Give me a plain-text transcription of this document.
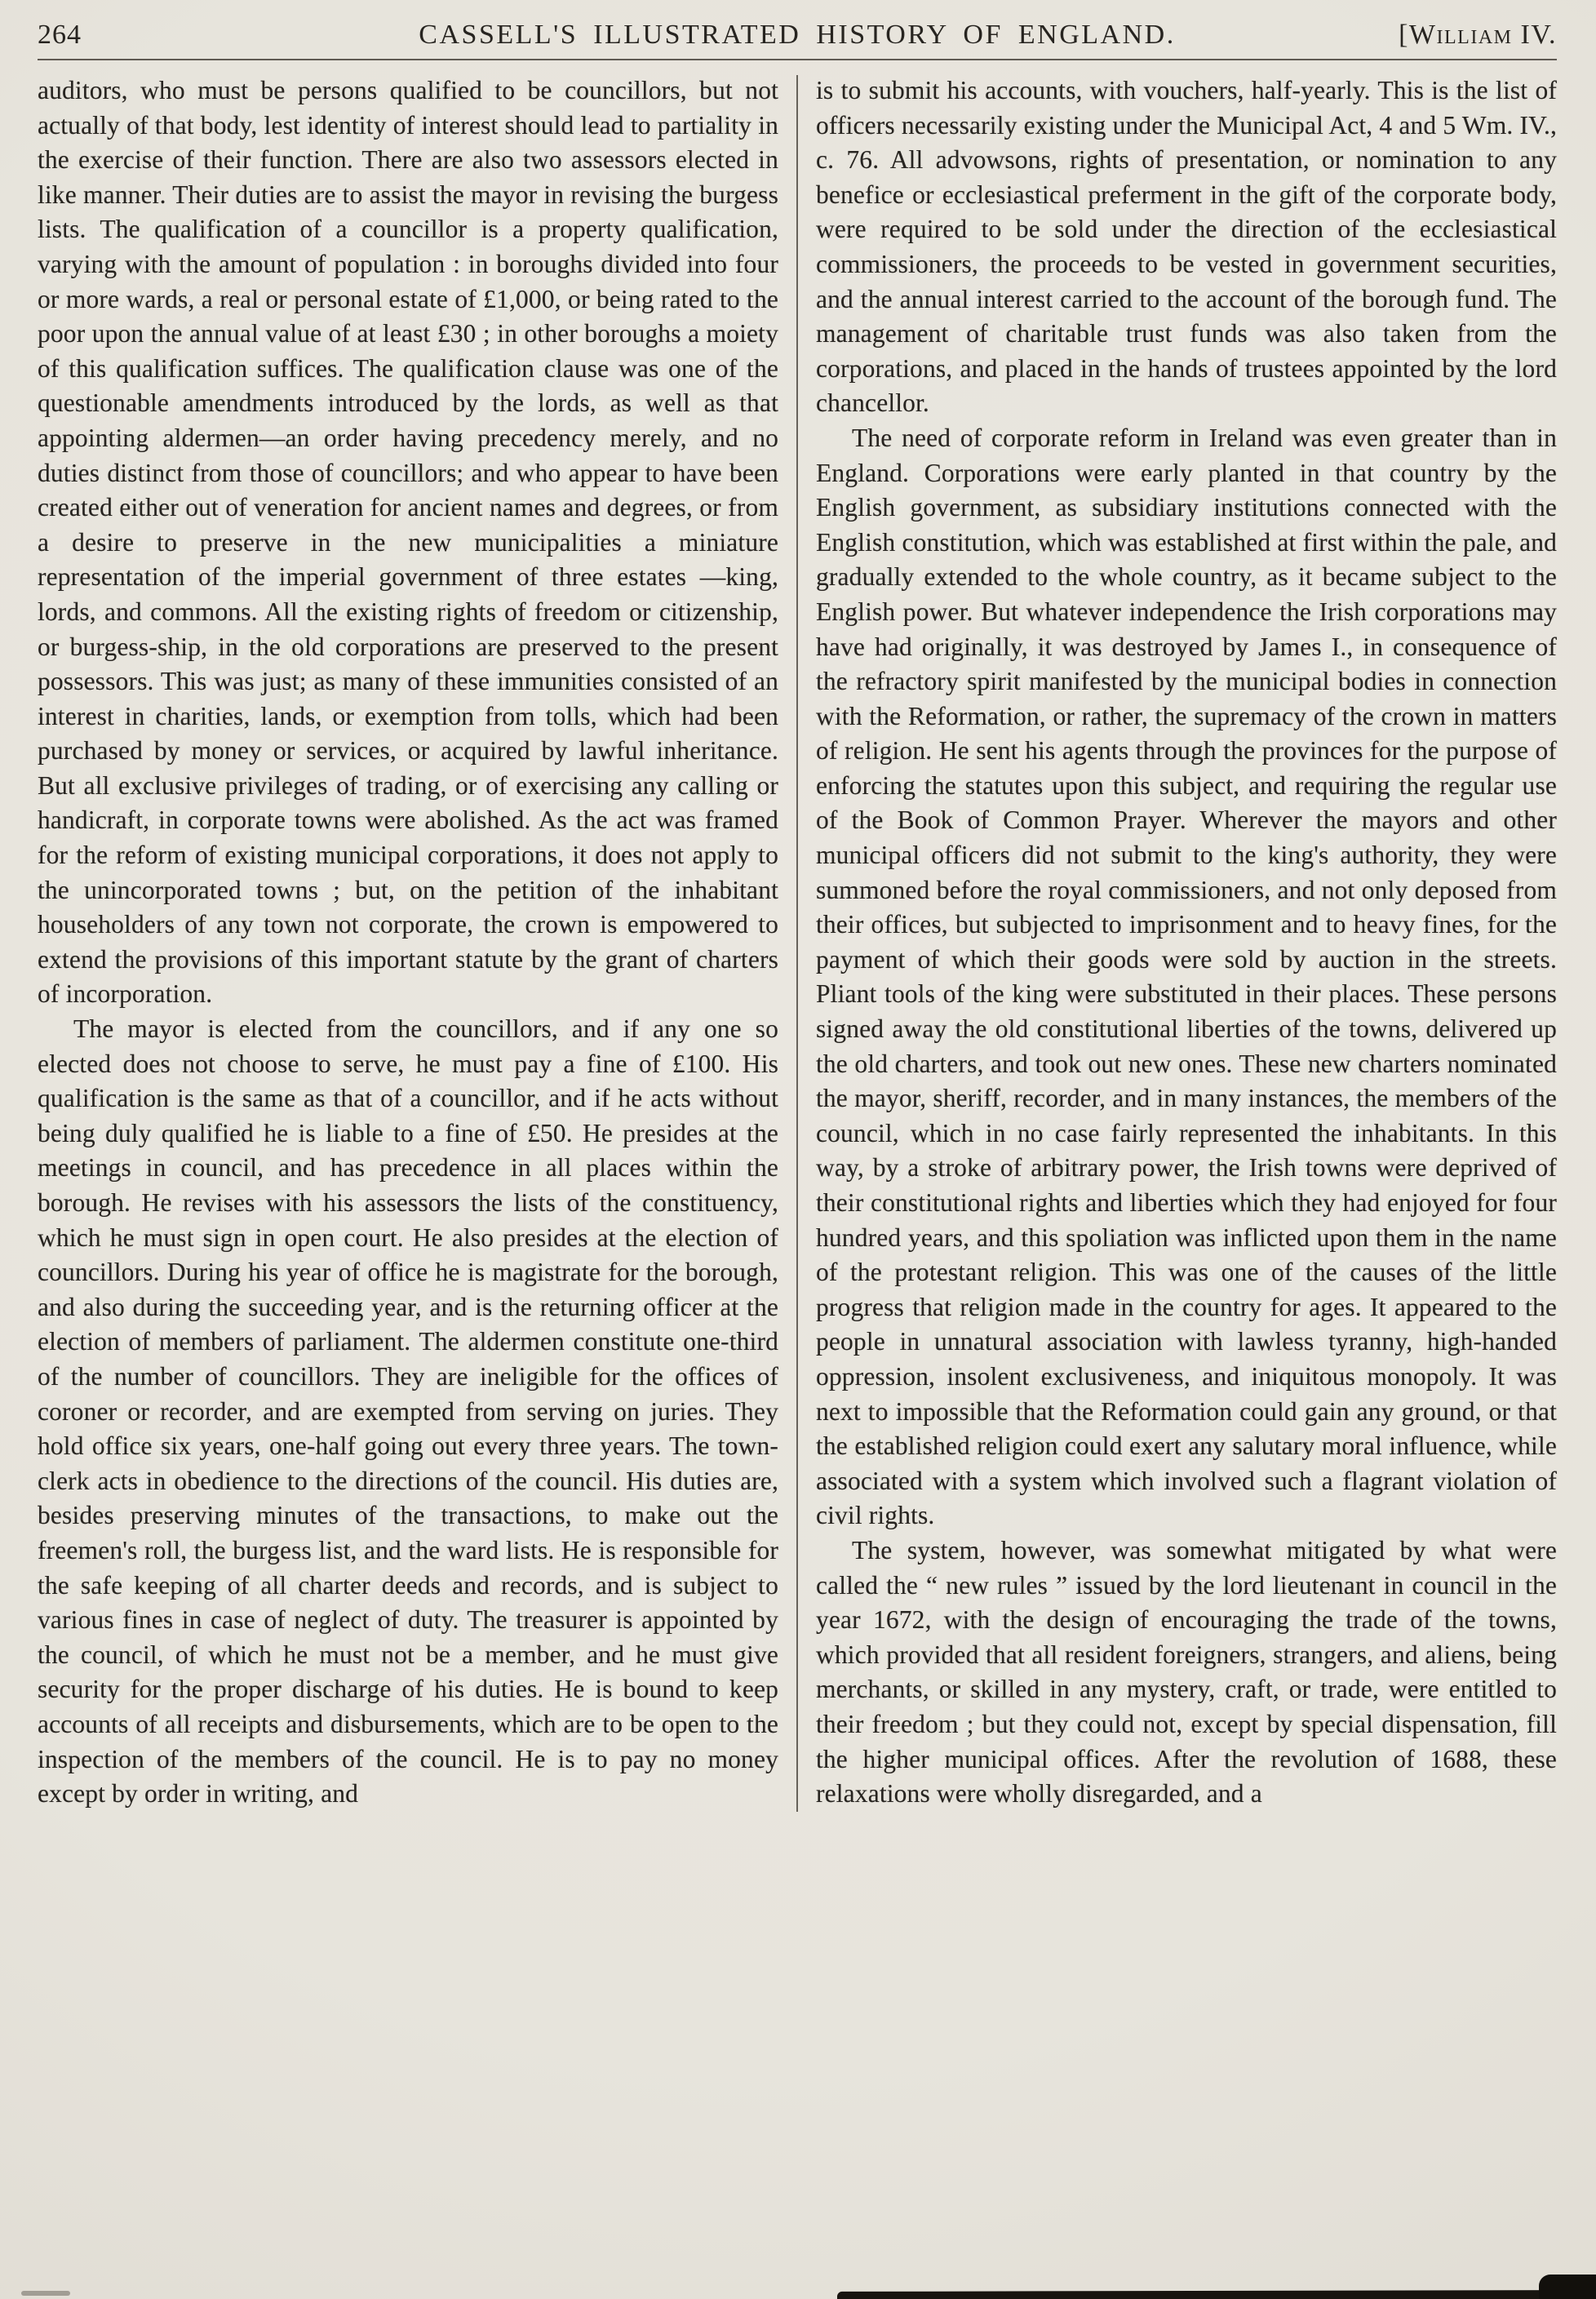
264	CASSELL'S ILLUSTRATED HISTORY OF ENGLAND.	[William IV.

auditors, who must be persons qualified to be councillors, but not actually of that body, lest identity of interest should lead to partiality in the exercise of their function. There are also two assessors elected in like manner. Their duties are to assist the mayor in revising the burgess lists. The qualification of a councillor is a property qualification, varying with the amount of population : in boroughs divided into four or more wards, a real or personal estate of £1,000, or being rated to the poor upon the annual value of at least £30 ; in other boroughs a moiety of this qualification suffices. The qualification clause was one of the questionable amendments introduced by the lords, as well as that appointing aldermen—an order having precedency merely, and no duties distinct from those of councillors; and who appear to have been created either out of veneration for ancient names and degrees, or from a desire to preserve in the new municipalities a miniature representation of the imperial government of three estates —king, lords, and commons. All the existing rights of freedom or citizenship, or burgess-ship, in the old corporations are preserved to the present possessors. This was just; as many of these immunities consisted of an interest in charities, lands, or exemption from tolls, which had been purchased by money or services, or acquired by lawful inheritance. But all exclusive privileges of trading, or of exercising any calling or handicraft, in corporate towns were abolished. As the act was framed for the reform of existing municipal corporations, it does not apply to the unincorporated towns ; but, on the petition of the inhabitant householders of any town not corporate, the crown is empowered to extend the provisions of this important statute by the grant of charters of incorporation.

The mayor is elected from the councillors, and if any one so elected does not choose to serve, he must pay a fine of £100. His qualification is the same as that of a councillor, and if he acts without being duly qualified he is liable to a fine of £50. He presides at the meetings in council, and has precedence in all places within the borough. He revises with his assessors the lists of the constituency, which he must sign in open court. He also presides at the election of councillors. During his year of office he is magistrate for the borough, and also during the succeeding year, and is the returning officer at the election of members of parliament. The aldermen constitute one-third of the number of councillors. They are ineligible for the offices of coroner or recorder, and are exempted from serving on juries. They hold office six years, one-half going out every three years. The town-clerk acts in obedience to the directions of the council. His duties are, besides preserving minutes of the transactions, to make out the freemen's roll, the burgess list, and the ward lists. He is responsible for the safe keeping of all charter deeds and records, and is subject to various fines in case of neglect of duty. The treasurer is appointed by the council, of which he must not be a member, and he must give security for the proper discharge of his duties. He is bound to keep accounts of all receipts and disbursements, which are to be open to the inspection of the members of the council. He is to pay no money except by order in writing, and

is to submit his accounts, with vouchers, half-yearly. This is the list of officers necessarily existing under the Municipal Act, 4 and 5 Wm. IV., c. 76. All advowsons, rights of presentation, or nomination to any benefice or ecclesiastical preferment in the gift of the corporate body, were required to be sold under the direction of the ecclesiastical commissioners, the proceeds to be vested in government securities, and the annual interest carried to the account of the borough fund. The management of charitable trust funds was also taken from the corporations, and placed in the hands of trustees appointed by the lord chancellor.

The need of corporate reform in Ireland was even greater than in England. Corporations were early planted in that country by the English government, as subsidiary institutions connected with the English constitution, which was established at first within the pale, and gradually extended to the whole country, as it became subject to the English power. But whatever independence the Irish corporations may have had originally, it was destroyed by James I., in consequence of the refractory spirit manifested by the municipal bodies in connection with the Reformation, or rather, the supremacy of the crown in matters of religion. He sent his agents through the provinces for the purpose of enforcing the statutes upon this subject, and requiring the regular use of the Book of Common Prayer. Wherever the mayors and other municipal officers did not submit to the king's authority, they were summoned before the royal commissioners, and not only deposed from their offices, but subjected to imprisonment and to heavy fines, for the payment of which their goods were sold by auction in the streets. Pliant tools of the king were substituted in their places. These persons signed away the old constitutional liberties of the towns, delivered up the old charters, and took out new ones. These new charters nominated the mayor, sheriff, recorder, and in many instances, the members of the council, which in no case fairly represented the inhabitants. In this way, by a stroke of arbitrary power, the Irish towns were deprived of their constitutional rights and liberties which they had enjoyed for four hundred years, and this spoliation was inflicted upon them in the name of the protestant religion. This was one of the causes of the little progress that religion made in the country for ages. It appeared to the people in unnatural association with lawless tyranny, high-handed oppression, insolent exclusiveness, and iniquitous monopoly. It was next to impossible that the Reformation could gain any ground, or that the established religion could exert any salutary moral influence, while associated with a system which involved such a flagrant violation of civil rights.

The system, however, was somewhat mitigated by what were called the “ new rules ” issued by the lord lieutenant in council in the year 1672, with the design of encouraging the trade of the towns, which provided that all resident foreigners, strangers, and aliens, being merchants, or skilled in any mystery, craft, or trade, were entitled to their freedom ; but they could not, except by special dispensation, fill the higher municipal offices. After the revolution of 1688, these relaxations were wholly disregarded, and a
